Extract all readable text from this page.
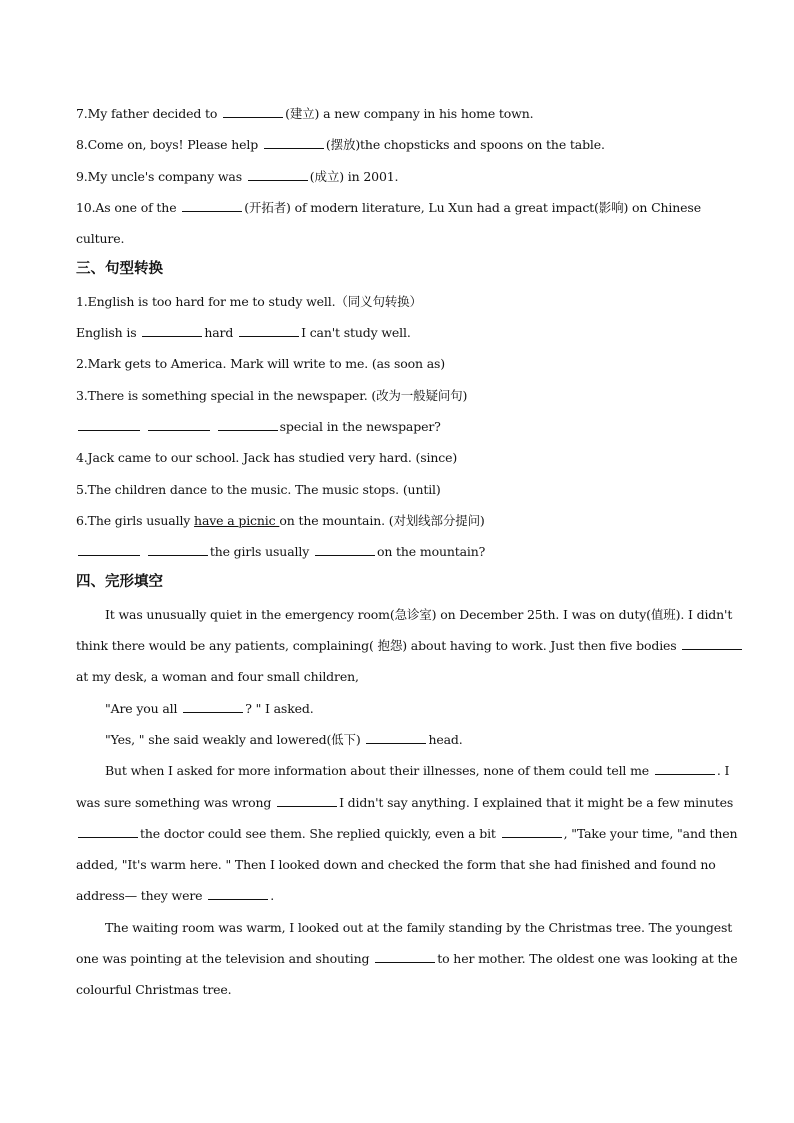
7.My father decided to	(建立) a new company in his home town.
8.Come on, boys! Please help	(摆放)the chopsticks and spoons on the table.
9.My uncle's company was	(成立) in 2001.
10.As one of the	(开拓者) of modern literature, Lu Xun had a great impact(影响) on Chinese
culture.
三、句型转换
1.English is too hard for me to study well.（同义句转换）
English is	hard	I can't study well.
2.Mark gets to America. Mark will write to me. (as soon as)
3.There is something special in the newspaper. (改为一般疑问句)
special in the newspaper?
4.Jack came to our school. Jack has studied very hard. (since)
5.The children dance to the music. The music stops. (until)
6.The girls usually have a picnic on the mountain. (对划线部分提问)
the girls usually	on the mountain?
四、完形填空
It was unusually quiet in the emergency room(急诊室) on December 25th. I was on duty(值班). I didn't
think there would be any patients, complaining( 抱怨) about having to work. Just then five bodies
at my desk, a woman and four small children,
"Are you all	? " I asked.
"Yes, " she said weakly and lowered(低下)	head.
But when I asked for more information about their illnesses, none of them could tell me	. I
was sure something was wrong	I didn't say anything. I explained that it might be a few minutes
the doctor could see them. She replied quickly, even a bit	, "Take your time, "and then
added, "It's warm here. " Then I looked down and checked the form that she had finished and found no
address— they were	.
The waiting room was warm, I looked out at the family standing by the Christmas tree. The youngest
one was pointing at the television and shouting	to her mother. The oldest one was looking at the
colourful Christmas tree.
